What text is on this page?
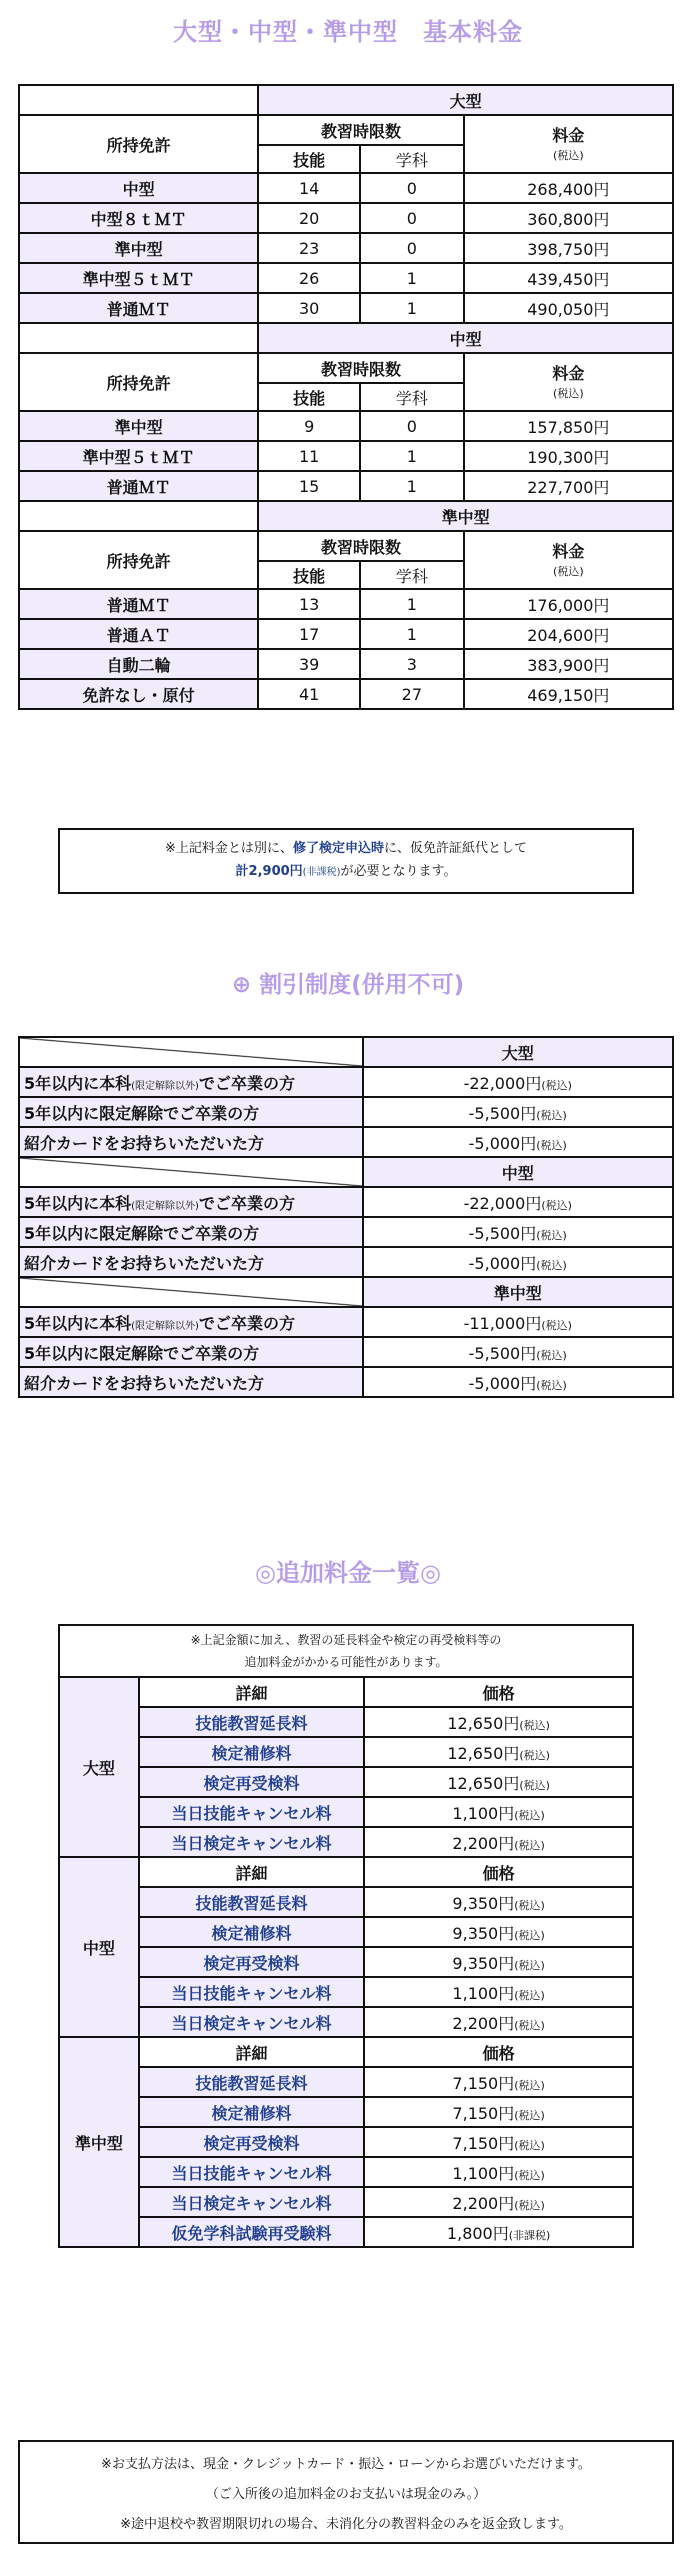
大型・中型・準中型　基本料金
	大型		
所持免許	教習時限数		料金
(税込)

	技能	学科	
中型	14	0	268,400円
中型８ｔＭＴ	20	0	360,800円
準中型	23	0	398,750円
準中型５ｔＭＴ	26	1	439,450円
普通ＭＴ	30	1	490,050円
	中型		
所持免許	教習時限数		料金
(税込)

	技能	学科	
準中型	9	0	157,850円
準中型５ｔＭＴ	11	1	190,300円
普通ＭＴ	15	1	227,700円
	準中型		
所持免許	教習時限数		料金
(税込)

	技能	学科	
普通ＭＴ	13	1	176,000円
普通ＡＴ	17	1	204,600円
自動二輪	39	3	383,900円
免許なし・原付	41	27	469,150円
※上記料金とは別に、修了検定申込時に、仮免許証紙代として
計2,900円(非課税)が必要となります。
⊕ 割引制度(併用不可)
	大型
5年以内に本科(限定解除以外)でご卒業の方	-22,000円(税込)
5年以内に限定解除でご卒業の方	-5,500円(税込)
紹介カードをお持ちいただいた方	-5,000円(税込)
	中型
5年以内に本科(限定解除以外)でご卒業の方	-22,000円(税込)
5年以内に限定解除でご卒業の方	-5,500円(税込)
紹介カードをお持ちいただいた方	-5,000円(税込)
	準中型
5年以内に本科(限定解除以外)でご卒業の方	-11,000円(税込)
5年以内に限定解除でご卒業の方	-5,500円(税込)
紹介カードをお持ちいただいた方	-5,000円(税込)
◎追加料金一覧◎
※上記金額に加え、教習の延長料金や検定の再受検料等の
追加料金がかかる可能性があります。		

大型	詳細	価格
	技能教習延長料	12,650円(税込)
	検定補修料	12,650円(税込)
	検定再受検料	12,650円(税込)
	当日技能キャンセル料	1,100円(税込)
	当日検定キャンセル料	2,200円(税込)
中型	詳細	価格
	技能教習延長料	9,350円(税込)
	検定補修料	9,350円(税込)
	検定再受検料	9,350円(税込)
	当日技能キャンセル料	1,100円(税込)
	当日検定キャンセル料	2,200円(税込)
準中型	詳細	価格
	技能教習延長料	7,150円(税込)
	検定補修料	7,150円(税込)
	検定再受検料	7,150円(税込)
	当日技能キャンセル料	1,100円(税込)
	当日検定キャンセル料	2,200円(税込)
	仮免学科試験再受験料	1,800円(非課税)
※お支払方法は、現金・クレジットカード・振込・ローンからお選びいただけます。
（ご入所後の追加料金のお支払いは現金のみ。）
※途中退校や教習期限切れの場合、未消化分の教習料金のみを返金致します。
